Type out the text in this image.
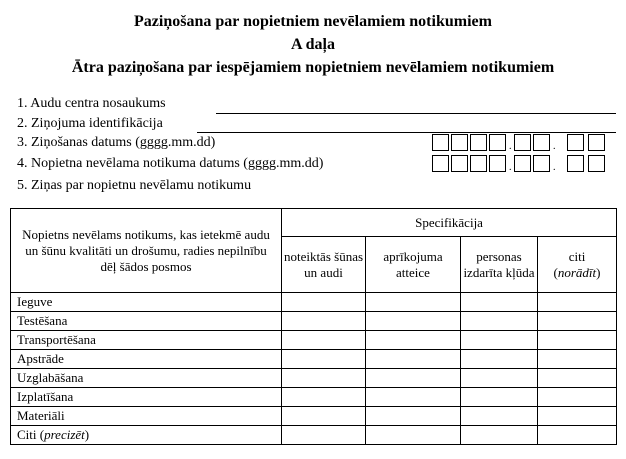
Paziņošana par nopietniem nevēlamiem notikumiem
A daļa
Ātra paziņošana par iespējamiem nopietniem nevēlamiem notikumiem
1. Audu centra nosaukums
2. Ziņojuma identifikācija
3. Ziņošanas datums (gggg.mm.dd)
4. Nopietna nevēlama notikuma datums (gggg.mm.dd)
5. Ziņas par nopietnu nevēlamu notikumu
.	.
.	.
Nopietns nevēlams notikums, kas ietekmē audu un šūnu kvalitāti un drošumu, radies nepilnību dēļ šādos posmos	Specifikācija			
	noteiktās šūnas un audi	aprīkojuma atteice	personas izdarīta kļūda	citi
(norādīt)
Ieguve				
Testēšana				
Transportēšana				
Apstrāde				
Uzglabāšana				
Izplatīšana				
Materiāli				
Citi (precizēt)				
